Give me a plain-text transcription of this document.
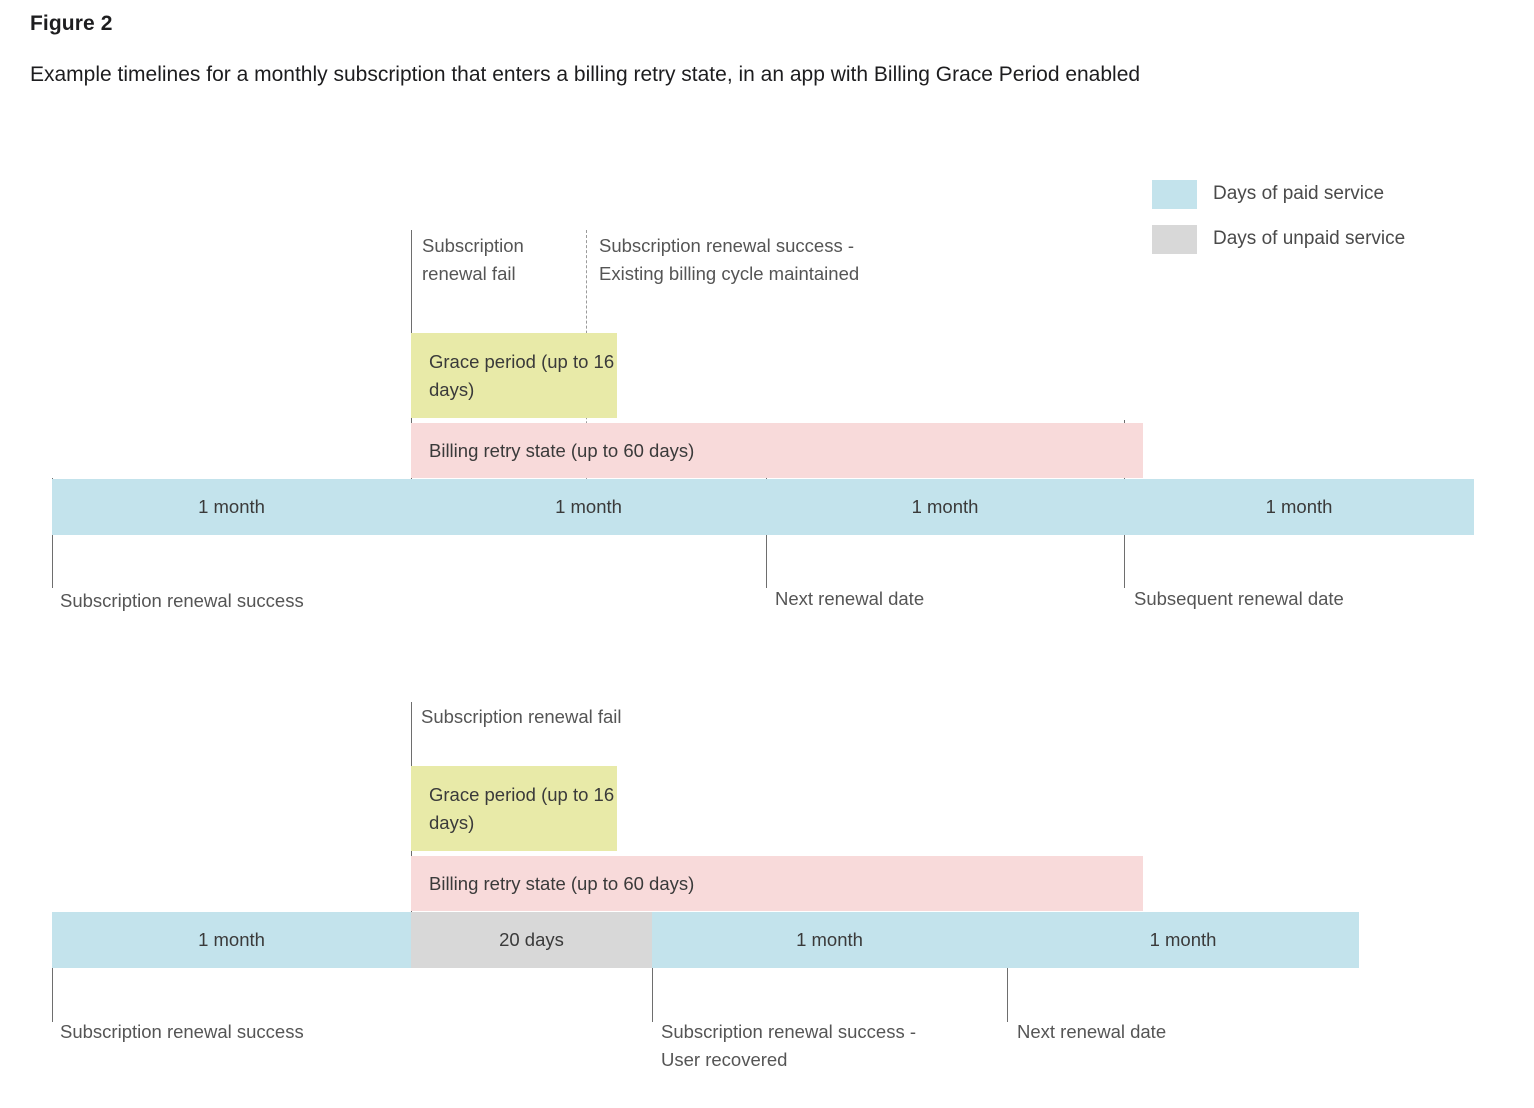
Figure 2
Example timelines for a monthly subscription that enters a billing retry state, in an app with Billing Grace Period enabled
Days of paid service
Days of unpaid service
Subscription renewal fail
Subscription renewal success - Existing billing cycle maintained
Grace period (up to 16 days)
Billing retry state (up to 60 days)
1 month	1 month	1 month	1 month
Subscription renewal success	Next renewal date	Subsequent renewal date
Subscription renewal fail
Grace period (up to 16 days)
Billing retry state (up to 60 days)
1 month	20 days	1 month	1 month
Subscription renewal success	Subscription renewal success - User recovered
Next renewal date
